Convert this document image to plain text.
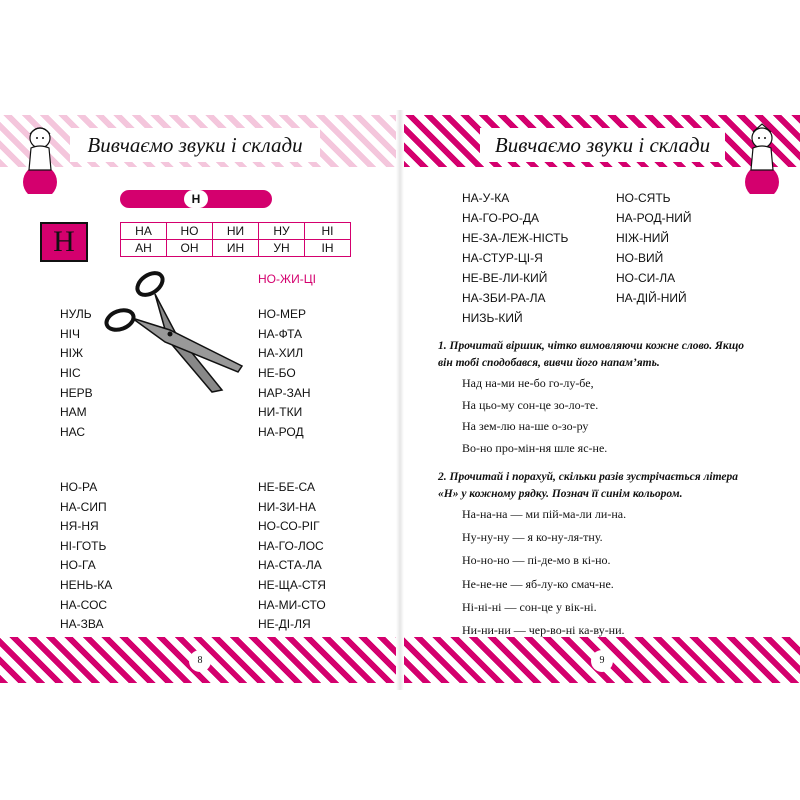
Вивчаємо звуки і склади	Вивчаємо звуки і склади
Н
Н	НА	НО	НИ	НУ	НІ
АН	ОН	ИН	УН	ІН
НО-ЖИ-ЦІ
НУЛЬ
НІЧ
НІЖ
НІС
НЕРВ
НАМ
НАС
НО-МЕР
НА-ФТА
НА-ХИЛ
НЕ-БО
НАР-ЗАН
НИ-ТКИ
НА-РОД
НО-РА
НА-СИП
НЯ-НЯ
НІ-ГОТЬ
НО-ГА
НЕНЬ-КА
НА-СОС
НА-ЗВА
НЕ-БЕ-СА
НИ-ЗИ-НА
НО-СО-РІГ
НА-ГО-ЛОС
НА-СТА-ЛА
НЕ-ЩА-СТЯ
НА-МИ-СТО
НЕ-ДІ-ЛЯ
НА-У-КА
НА-ГО-РО-ДА
НЕ-ЗА-ЛЕЖ-НІСТЬ
НА-СТУР-ЦІ-Я
НЕ-ВЕ-ЛИ-КИЙ
НА-ЗБИ-РА-ЛА
НИЗЬ-КИЙ
НО-СЯТЬ
НА-РОД-НИЙ
НІЖ-НИЙ
НО-ВИЙ
НО-СИ-ЛА
НА-ДІЙ-НИЙ
1. Прочитай віршик, чітко вимовляючи кожне слово. Якщо він тобі сподобався, вивчи його напам’ять.
Над на-ми не-бо го-лу-бе,
На цьо-му сон-це зо-ло-те.
На зем-лю на-ше о-зо-ру
Во-но про-мін-ня шле яс-не.
2. Прочитай і порахуй, скільки разів зустрічається літера «Н» у кожному рядку. Познач її синім кольором.
На-на-на — ми пій-ма-ли ли-на.
Ну-ну-ну — я ко-ну-ля-тну.
Но-но-но — пі-де-мо в кі-но.
Не-не-не — яб-лу-ко смач-не.
Ні-ні-ні — сон-це у вік-ні.
Ни-ни-ни — чер-во-ні ка-ву-ни.
8	9
